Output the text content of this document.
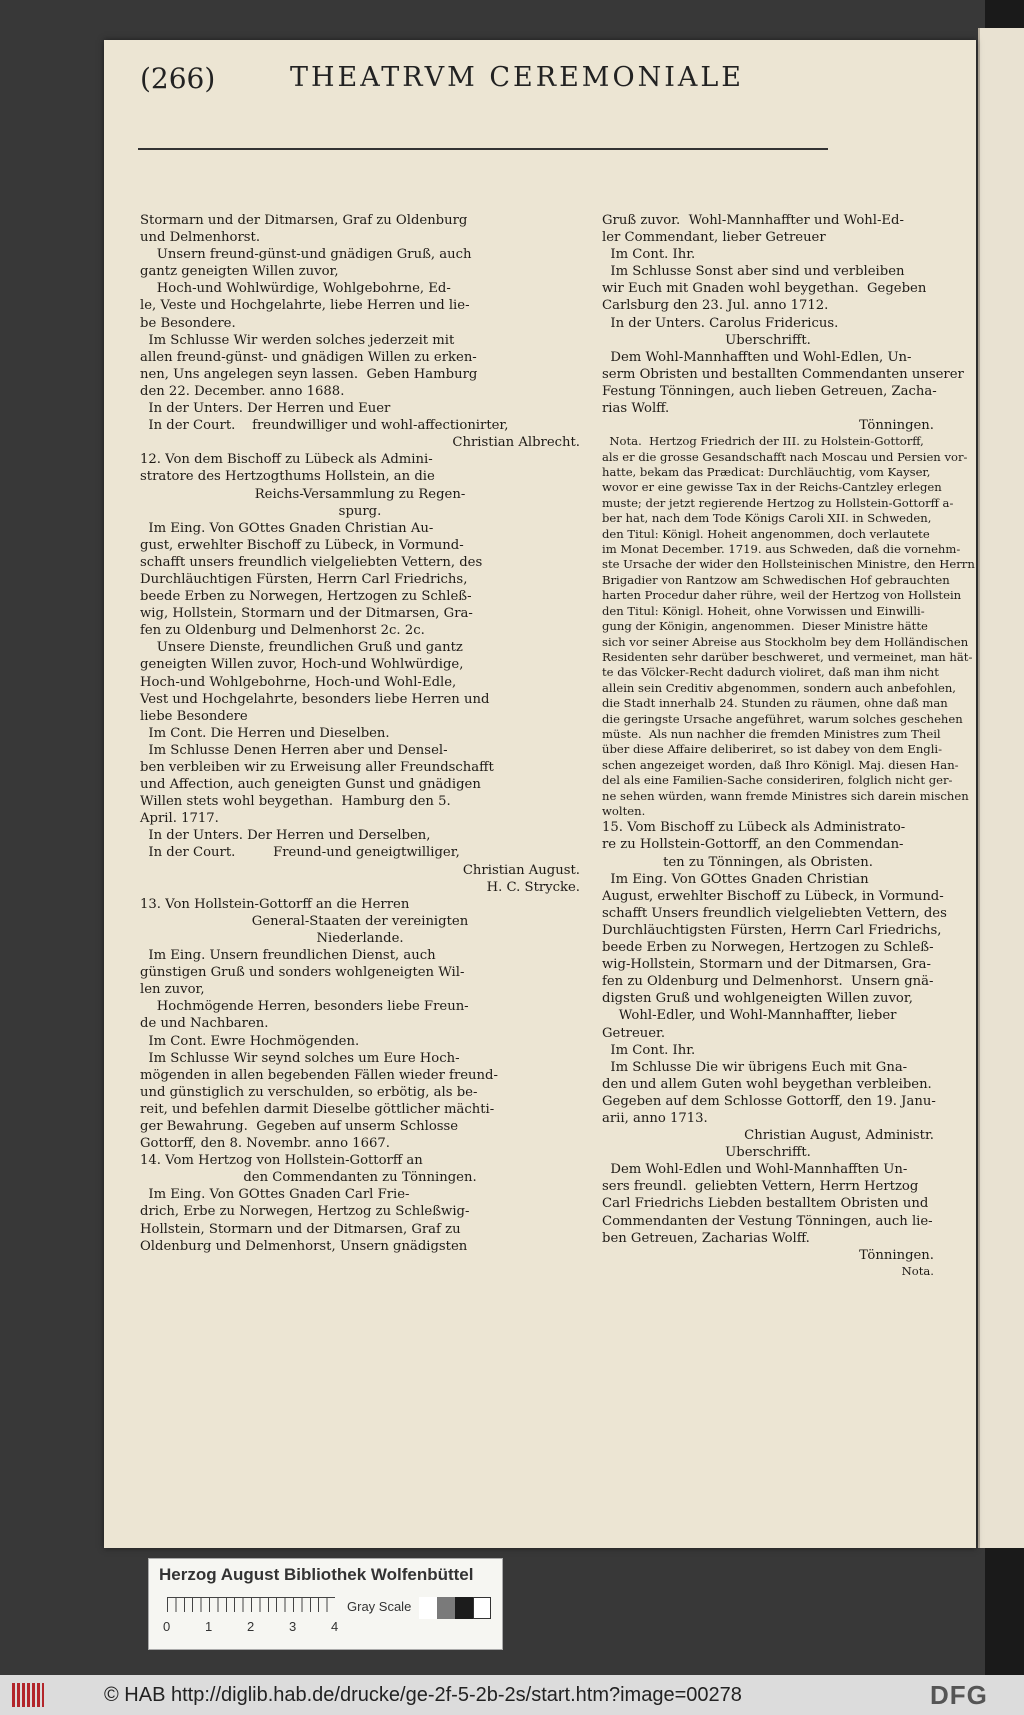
(266)	THEATRVM CEREMONIALE

Stormarn und der Ditmarsen, Graf zu Oldenburg

und Delmenhorst.

Unsern freund-günst-und gnädigen Gruß, auch

gantz geneigten Willen zuvor,

Hoch-und Wohlwürdige, Wohlgebohrne, Ed-

le, Veste und Hochgelahrte, liebe Herren und lie-

be Besondere.

Im Schlusse Wir werden solches jederzeit mit

allen freund-günst- und gnädigen Willen zu erken-

nen, Uns angelegen seyn lassen.  Geben Hamburg

den 22. December. anno 1688.

In der Unters. Der Herren und Euer

In der Court.    freundwilliger und wohl-affectionirter,

Christian Albrecht.

12. Von dem Bischoff zu Lübeck als Admini-

stratore des Hertzogthums Hollstein, an die

Reichs-Versammlung zu Regen-

spurg.

Im Eing. Von GOttes Gnaden Christian Au-

gust, erwehlter Bischoff zu Lübeck, in Vormund-

schafft unsers freundlich vielgeliebten Vettern, des

Durchläuchtigen Fürsten, Herrn Carl Friedrichs,

beede Erben zu Norwegen, Hertzogen zu Schleß-

wig, Hollstein, Stormarn und der Ditmarsen, Gra-

fen zu Oldenburg und Delmenhorst 2c. 2c.

Unsere Dienste, freundlichen Gruß und gantz

geneigten Willen zuvor, Hoch-und Wohlwürdige,

Hoch-und Wohlgebohrne, Hoch-und Wohl-Edle,

Vest und Hochgelahrte, besonders liebe Herren und

liebe Besondere

Im Cont. Die Herren und Dieselben.

Im Schlusse Denen Herren aber und Densel-

ben verbleiben wir zu Erweisung aller Freundschafft

und Affection, auch geneigten Gunst und gnädigen

Willen stets wohl beygethan.  Hamburg den 5.

April. 1717.

In der Unters. Der Herren und Derselben,

In der Court.         Freund-und geneigtwilliger,

Christian August.

H. C. Strycke.

13. Von Hollstein-Gottorff an die Herren

General-Staaten der vereinigten

Niederlande.

Im Eing. Unsern freundlichen Dienst, auch

günstigen Gruß und sonders wohlgeneigten Wil-

len zuvor,

Hochmögende Herren, besonders liebe Freun-

de und Nachbaren.

Im Cont. Ewre Hochmögenden.

Im Schlusse Wir seynd solches um Eure Hoch-

mögenden in allen begebenden Fällen wieder freund-

und günstiglich zu verschulden, so erbötig, als be-

reit, und befehlen darmit Dieselbe göttlicher mächti-

ger Bewahrung.  Gegeben auf unserm Schlosse

Gottorff, den 8. Novembr. anno 1667.

14. Vom Hertzog von Hollstein-Gottorff an

den Commendanten zu Tönningen.

Im Eing. Von GOttes Gnaden Carl Frie-

drich, Erbe zu Norwegen, Hertzog zu Schleßwig-

Hollstein, Stormarn und der Ditmarsen, Graf zu

Oldenburg und Delmenhorst, Unsern gnädigsten

Gruß zuvor.  Wohl-Mannhaffter und Wohl-Ed-

ler Commendant, lieber Getreuer

Im Cont. Ihr.

Im Schlusse Sonst aber sind und verbleiben

wir Euch mit Gnaden wohl beygethan.  Gegeben

Carlsburg den 23. Jul. anno 1712.

In der Unters. Carolus Fridericus.

Uberschrifft.

Dem Wohl-Mannhafften und Wohl-Edlen, Un-

serm Obristen und bestallten Commendanten unserer

Festung Tönningen, auch lieben Getreuen, Zacha-

rias Wolff.

Tönningen.

Nota.  Hertzog Friedrich der III. zu Holstein-Gottorff,

als er die grosse Gesandschafft nach Moscau und Persien vor-

hatte, bekam das Prædicat: Durchläuchtig, vom Kayser,

wovor er eine gewisse Tax in der Reichs-Cantzley erlegen

muste; der jetzt regierende Hertzog zu Hollstein-Gottorff a-

ber hat, nach dem Tode Königs Caroli XII. in Schweden,

den Titul: Königl. Hoheit angenommen, doch verlautete

im Monat December. 1719. aus Schweden, daß die vornehm-

ste Ursache der wider den Hollsteinischen Ministre, den Herrn

Brigadier von Rantzow am Schwedischen Hof gebrauchten

harten Procedur daher rühre, weil der Hertzog von Hollstein

den Titul: Königl. Hoheit, ohne Vorwissen und Einwilli-

gung der Königin, angenommen.  Dieser Ministre hätte

sich vor seiner Abreise aus Stockholm bey dem Holländischen

Residenten sehr darüber beschweret, und vermeinet, man hät-

te das Völcker-Recht dadurch violiret, daß man ihm nicht

allein sein Creditiv abgenommen, sondern auch anbefohlen,

die Stadt innerhalb 24. Stunden zu räumen, ohne daß man

die geringste Ursache angeführet, warum solches geschehen

müste.  Als nun nachher die fremden Ministres zum Theil

über diese Affaire deliberiret, so ist dabey von dem Engli-

schen angezeiget worden, daß Ihro Königl. Maj. diesen Han-

del als eine Familien-Sache consideriren, folglich nicht ger-

ne sehen würden, wann fremde Ministres sich darein mischen

wolten.

15. Vom Bischoff zu Lübeck als Administrato-

re zu Hollstein-Gottorff, an den Commendan-

ten zu Tönningen, als Obristen.

Im Eing. Von GOttes Gnaden Christian

August, erwehlter Bischoff zu Lübeck, in Vormund-

schafft Unsers freundlich vielgeliebten Vettern, des

Durchläuchtigsten Fürsten, Herrn Carl Friedrichs,

beede Erben zu Norwegen, Hertzogen zu Schleß-

wig-Hollstein, Stormarn und der Ditmarsen, Gra-

fen zu Oldenburg und Delmenhorst.  Unsern gnä-

digsten Gruß und wohlgeneigten Willen zuvor,

Wohl-Edler, und Wohl-Mannhaffter, lieber

Getreuer.

Im Cont. Ihr.

Im Schlusse Die wir übrigens Euch mit Gna-

den und allem Guten wohl beygethan verbleiben.

Gegeben auf dem Schlosse Gottorff, den 19. Janu-

arii, anno 1713.

Christian August, Administr.

Uberschrifft.

Dem Wohl-Edlen und Wohl-Mannhafften Un-

sers freundl.  geliebten Vettern, Herrn Hertzog

Carl Friedrichs Liebden bestalltem Obristen und

Commendanten der Vestung Tönningen, auch lie-

ben Getreuen, Zacharias Wolff.

Tönningen.

Nota.

Herzog August Bibliothek Wolfenbüttel
0	1	2	3	4
Gray Scale
© HAB http://diglib.hab.de/drucke/ge-2f-5-2b-2s/start.htm?image=00278	DFG
